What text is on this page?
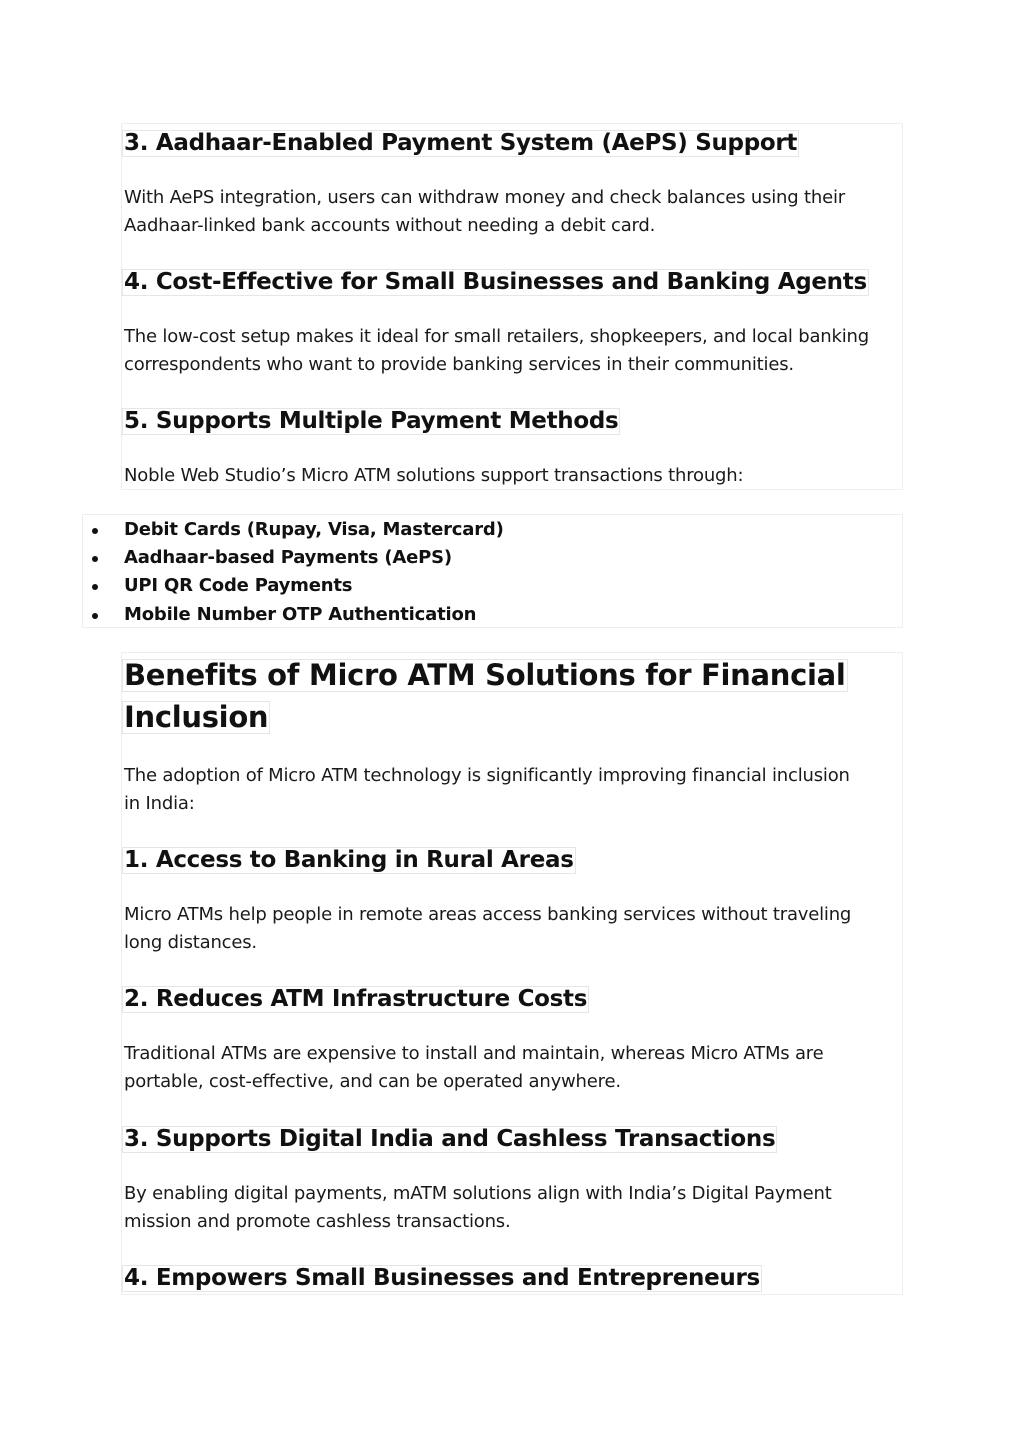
3. Aadhaar-Enabled Payment System (AePS) Support
With AePS integration, users can withdraw money and check balances using their
Aadhaar-linked bank accounts without needing a debit card.
4. Cost-Effective for Small Businesses and Banking Agents
The low-cost setup makes it ideal for small retailers, shopkeepers, and local banking
correspondents who want to provide banking services in their communities.
5. Supports Multiple Payment Methods
Noble Web Studio’s Micro ATM solutions support transactions through:
Debit Cards (Rupay, Visa, Mastercard)
Aadhaar-based Payments (AePS)
UPI QR Code Payments
Mobile Number OTP Authentication
Benefits of Micro ATM Solutions for Financial
Inclusion
The adoption of Micro ATM technology is significantly improving financial inclusion
in India:
1. Access to Banking in Rural Areas
Micro ATMs help people in remote areas access banking services without traveling
long distances.
2. Reduces ATM Infrastructure Costs
Traditional ATMs are expensive to install and maintain, whereas Micro ATMs are
portable, cost-effective, and can be operated anywhere.
3. Supports Digital India and Cashless Transactions
By enabling digital payments, mATM solutions align with India’s Digital Payment
mission and promote cashless transactions.
4. Empowers Small Businesses and Entrepreneurs
